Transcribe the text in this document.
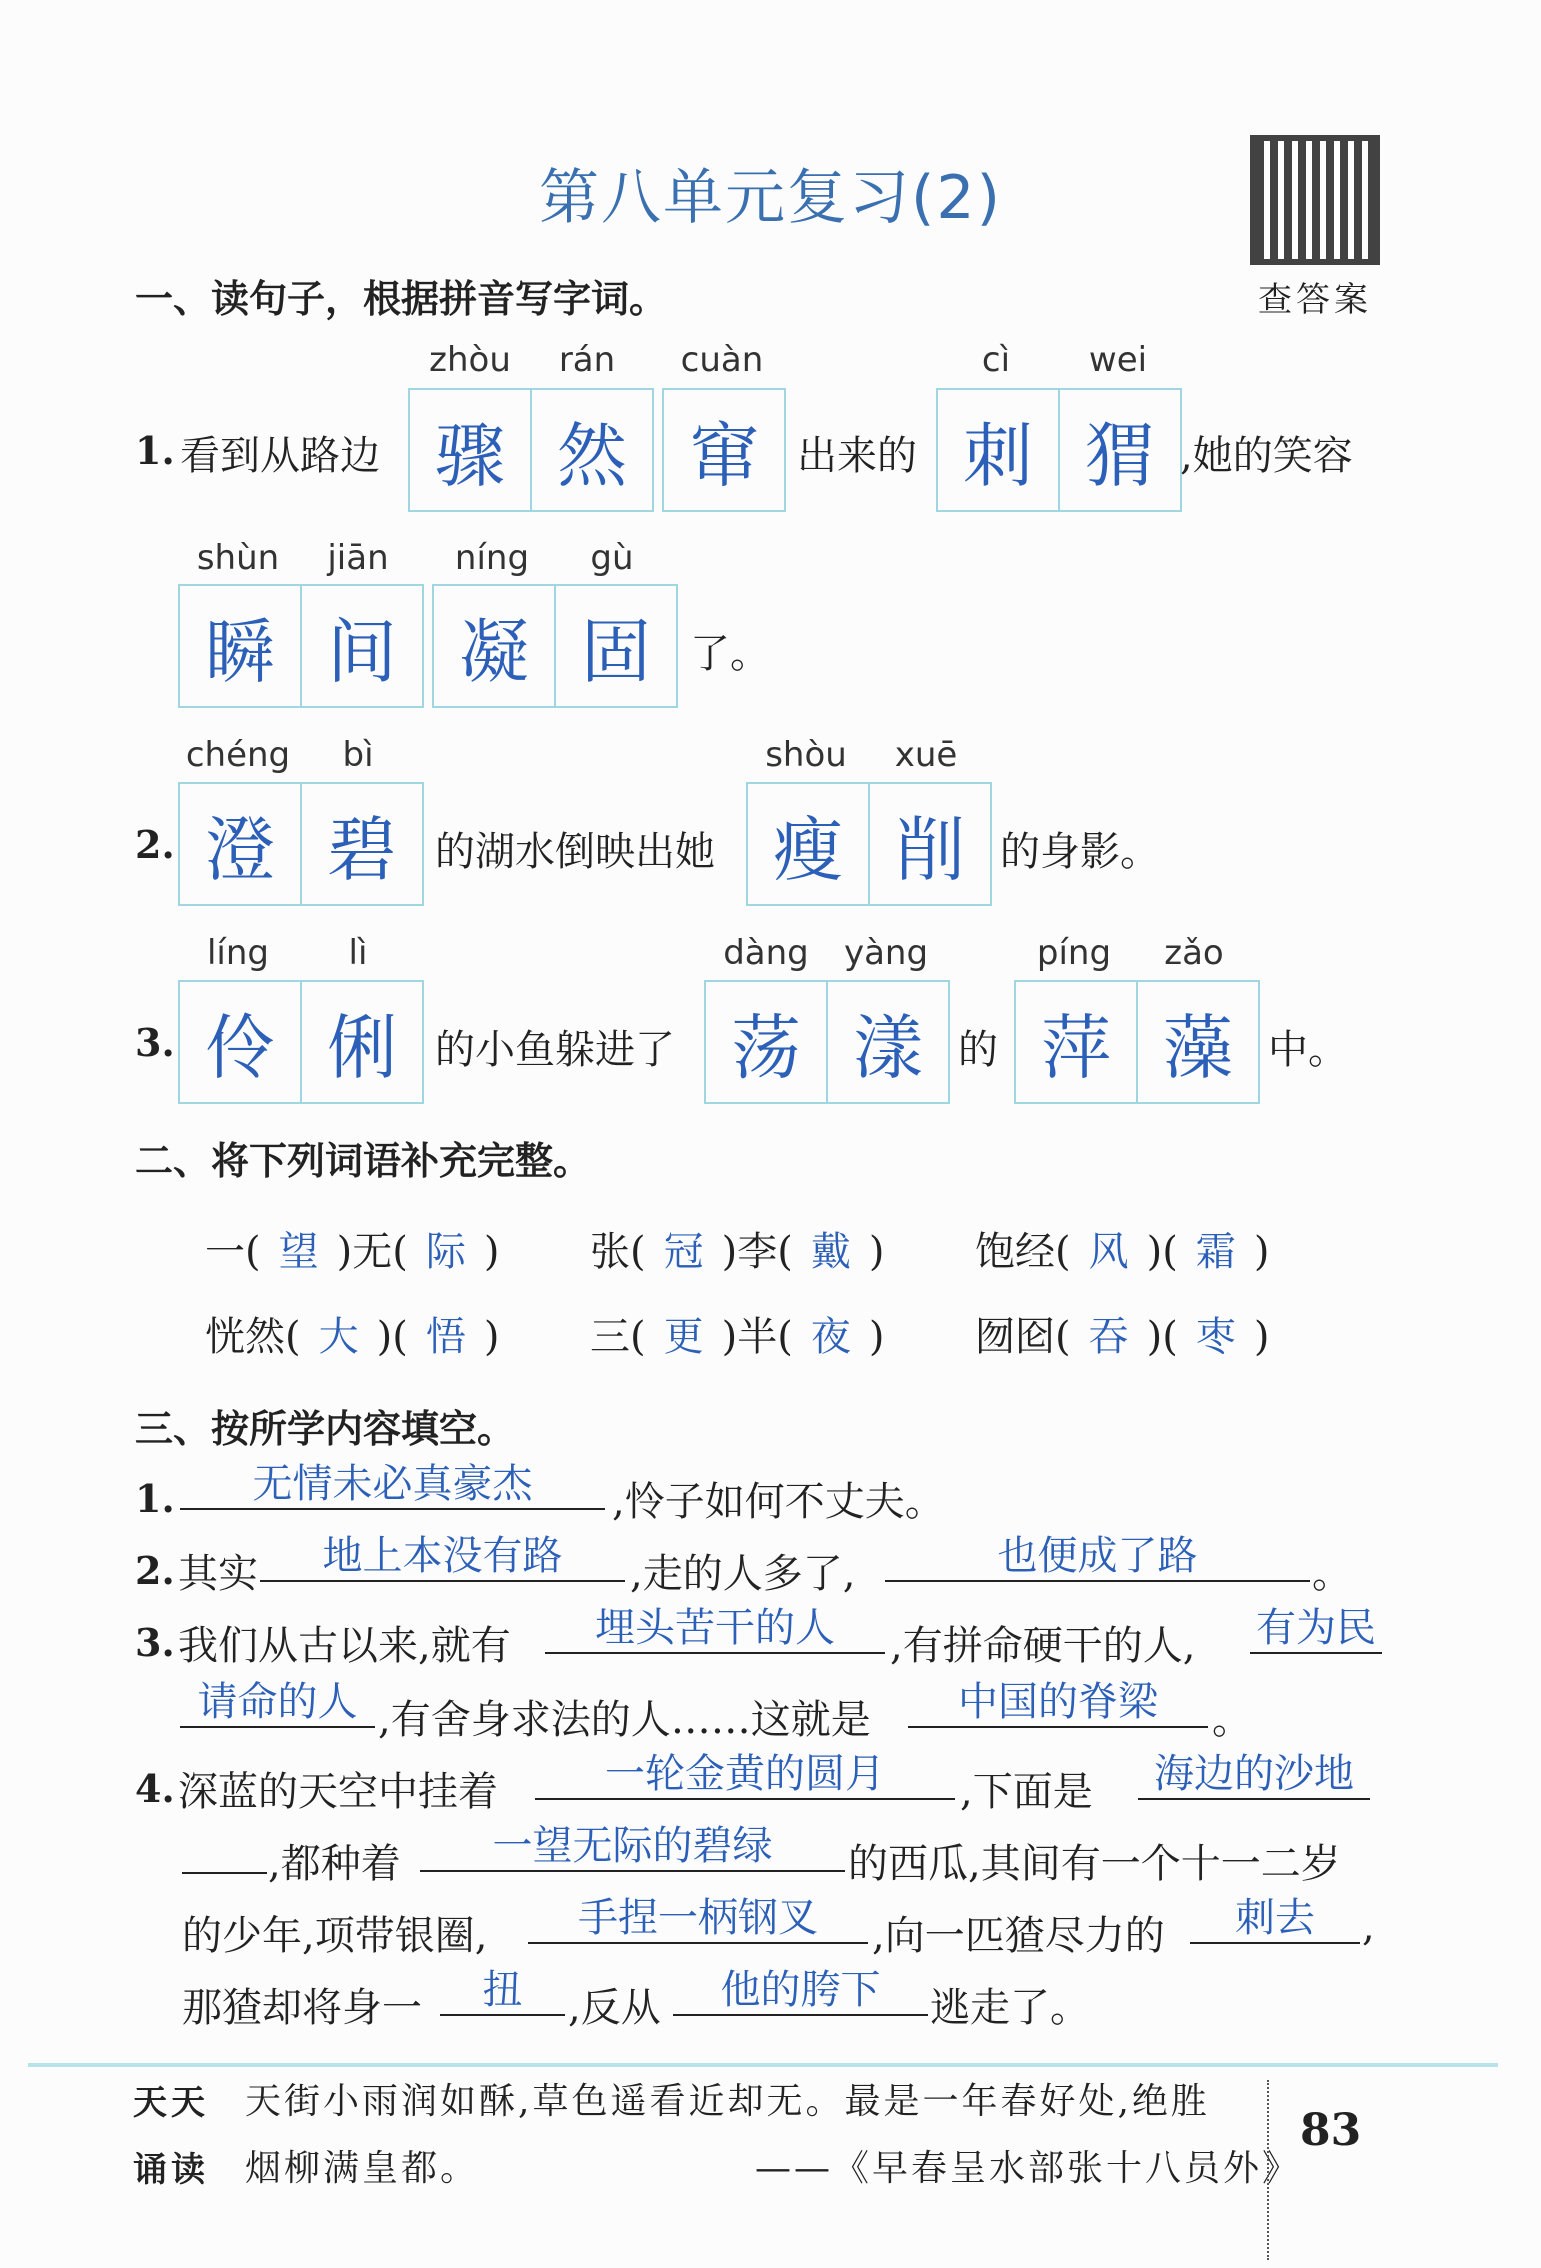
第八单元复习(2)
查答案
一、读句子，根据拼音写字词。
1. 看到从路边
zhòu	rán
骤 然
cuàn
窜 出来的
cì	wei
刺 猬 ,她的笑容
shùn	jiān
瞬 间
níng	gù
凝 固 了。
2.
chéng	bì
澄 碧 的湖水倒映出她
shòu	xuē
瘦 削 的身影。
3.
líng	lì
伶 俐 的小鱼躲进了
dàng	yàng
荡 漾 的
píng	zǎo
萍 藻 中。
二、将下列词语补充完整。
一( 望 )无( 际 ) 张( 冠 )李( 戴 ) 饱经( 风 )( 霜 )
恍然( 大 )( 悟 ) 三( 更 )半( 夜 ) 囫囵( 吞 )( 枣 )
三、按所学内容填空。
1.	无情未必真豪杰	,怜子如何不丈夫。
2. 其实	地上本没有路	,走的人多了,	也便成了路	。
3. 我们从古以来,就有	埋头苦干的人	,有拼命硬干的人, 有为民
请命的人 ,有舍身求法的人……这就是	中国的脊梁	。
4. 深蓝的天空中挂着	一轮金黄的圆月	,下面是	海边的沙地
,都种着	一望无际的碧绿	的西瓜,其间有一个十一二岁
的少年,项带银圈,	手捏一柄钢叉	,向一匹猹尽力的	刺去	,
那猹却将身一	扭	,反从	他的胯下	逃走了。
天天
诵读
天街小雨润如酥,草色遥看近却无。最是一年春好处,绝胜
烟柳满皇都。	——《早春呈水部张十八员外》
83
